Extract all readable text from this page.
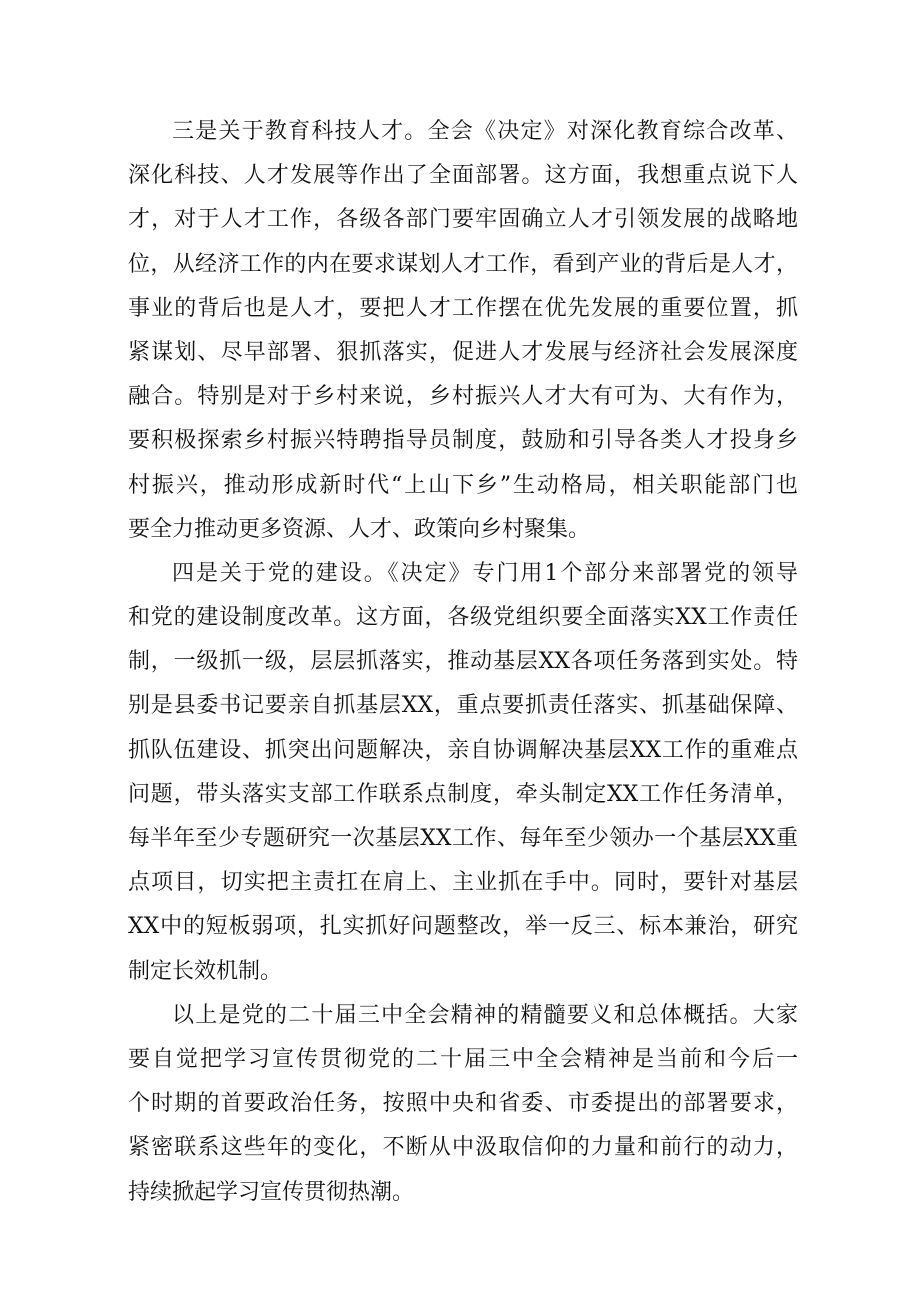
三是关于教育科技人才。全会《决定》对深化教育综合改革、
深化科技、人才发展等作出了全面部署。这方面，我想重点说下人
才，对于人才工作，各级各部门要牢固确立人才引领发展的战略地
位，从经济工作的内在要求谋划人才工作，看到产业的背后是人才，
事业的背后也是人才，要把人才工作摆在优先发展的重要位置，抓
紧谋划、尽早部署、狠抓落实，促进人才发展与经济社会发展深度
融合。特别是对于乡村来说，乡村振兴人才大有可为、大有作为，
要积极探索乡村振兴特聘指导员制度，鼓励和引导各类人才投身乡
村振兴，推动形成新时代“上山下乡”生动格局，相关职能部门也
要全力推动更多资源、人才、政策向乡村聚集。
四是关于党的建设。《决定》专门用1个部分来部署党的领导
和党的建设制度改革。这方面，各级党组织要全面落实XX工作责任
制，一级抓一级，层层抓落实，推动基层XX各项任务落到实处。特
别是县委书记要亲自抓基层XX，重点要抓责任落实、抓基础保障、
抓队伍建设、抓突出问题解决，亲自协调解决基层XX工作的重难点
问题，带头落实支部工作联系点制度，牵头制定XX工作任务清单，
每半年至少专题研究一次基层XX工作、每年至少领办一个基层XX重
点项目，切实把主责扛在肩上、主业抓在手中。同时，要针对基层
XX中的短板弱项，扎实抓好问题整改，举一反三、标本兼治，研究
制定长效机制。
以上是党的二十届三中全会精神的精髓要义和总体概括。大家
要自觉把学习宣传贯彻党的二十届三中全会精神是当前和今后一
个时期的首要政治任务，按照中央和省委、市委提出的部署要求，
紧密联系这些年的变化，不断从中汲取信仰的力量和前行的动力，
持续掀起学习宣传贯彻热潮。
